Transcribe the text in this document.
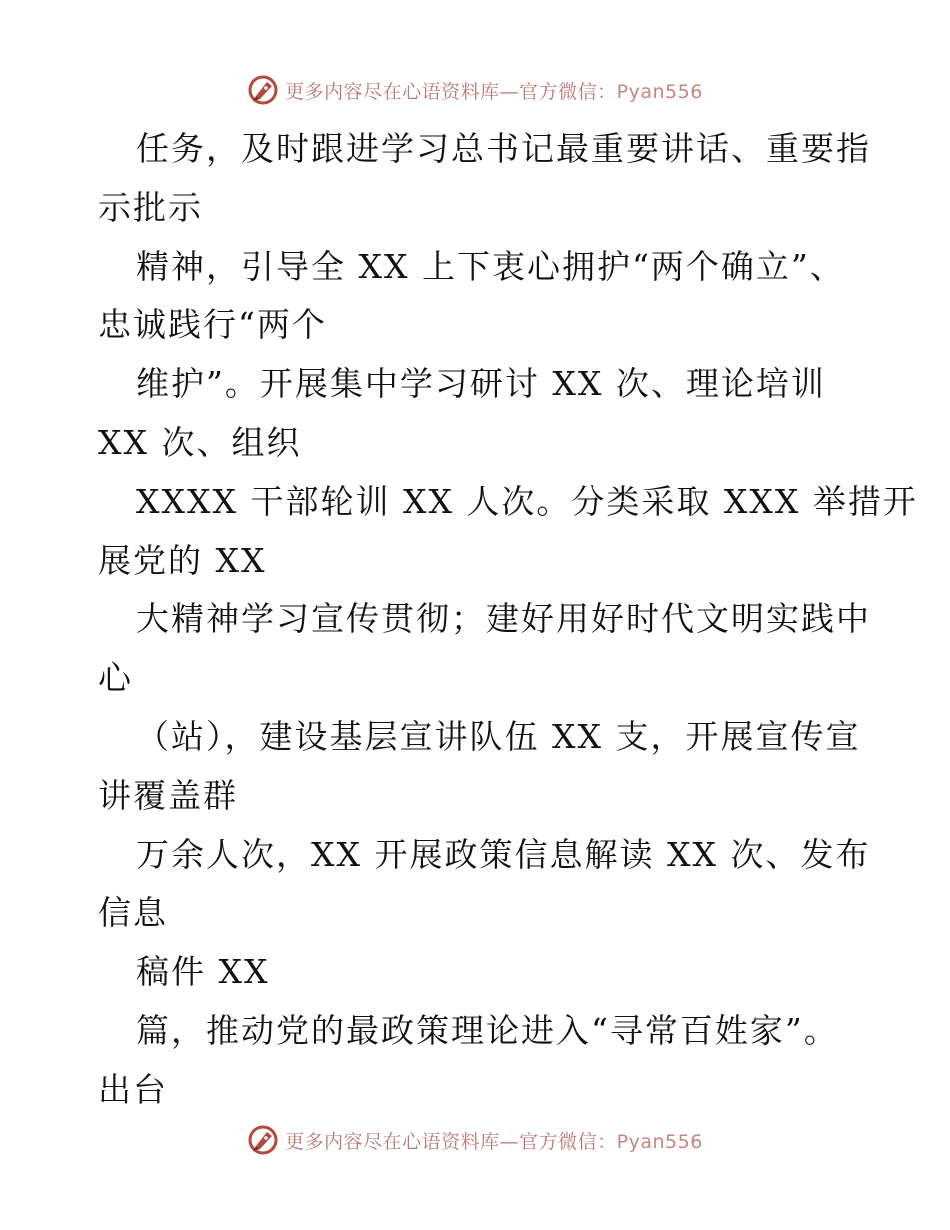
更多内容尽在心语资料库—官方微信：Pyan556
任务，及时跟进学习总书记最重要讲话、重要指
示批示
精神，引导全 XX 上下衷心拥护“两个确立”、
忠诚践行“两个
维护”。开展集中学习研讨 XX 次、理论培训
XX 次、组织
XXXX 干部轮训 XX 人次。分类采取 XXX 举措开
展党的 XX
大精神学习宣传贯彻；建好用好时代文明实践中
心
（站），建设基层宣讲队伍 XX 支，开展宣传宣
讲覆盖群
万余人次，XX 开展政策信息解读 XX 次、发布
信息
稿件 XX
篇，推动党的最政策理论进入“寻常百姓家”。
出台
更多内容尽在心语资料库—官方微信：Pyan556
